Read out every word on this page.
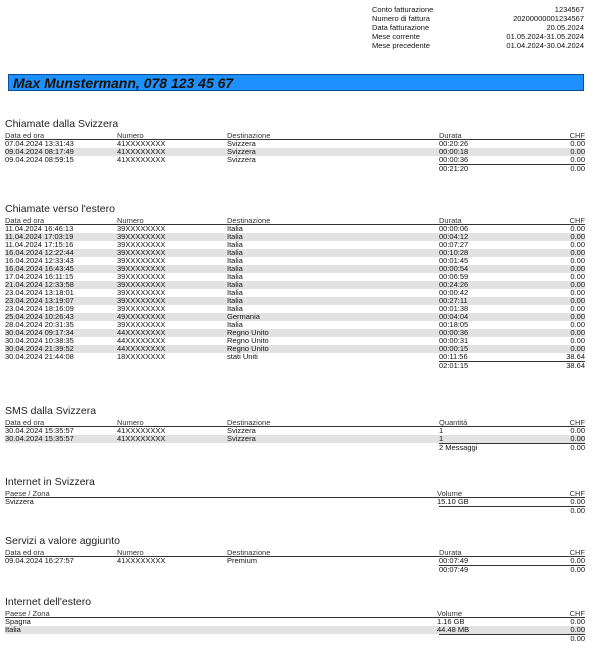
Conto fatturazione	1234567
Numero di fattura	20200000001234567
Data fatturazione	20.05.2024
Mese corrente	01.05.2024-31.05.2024
Mese precedente	01.04.2024-30.04.2024
Max Munstermann, 078 123 45 67
Chiamate dalla Svizzera
Data ed ora	Numero	Destinazione	Durata	CHF
07.04.2024 13:31:43	41XXXXXXXX	Svizzera	00:20:26	0.00
09.04.2024 08:17:49	41XXXXXXXX	Svizzera	00:00:18	0.00
09.04.2024 08:59:15	41XXXXXXXX	Svizzera	00:00:36	0.00
00:21:20	0.00
Chiamate verso l'estero
Data ed ora	Numero	Destinazione	Durata	CHF
11.04.2024 16:46:13	39XXXXXXXX	Italia	00:00:06	0.00
11.04.2024 17:03:19	39XXXXXXXX	Italia	00:04:12	0.00
11.04.2024 17:15:16	39XXXXXXXX	Italia	00:07:27	0.00
16.04.2024 12:22:44	39XXXXXXXX	Italia	00:10:28	0.00
16.04.2024 12:33:43	39XXXXXXXX	Italia	00:01:45	0.00
16.04.2024 16:43:45	39XXXXXXXX	Italia	00:00:54	0.00
17.04.2024 16:11:15	39XXXXXXXX	Italia	00:06:59	0.00
21.04.2024 12:33:58	39XXXXXXXX	Italia	00:24:26	0.00
23.04.2024 13:18:01	39XXXXXXXX	Italia	00:00:42	0.00
23.04.2024 13:19:07	39XXXXXXXX	Italia	00:27:11	0.00
23.04.2024 18:16:09	39XXXXXXXX	Italia	00:01:38	0.00
25.04.2024 10:26:43	49XXXXXXXX	Germania	00:04:04	0.00
28.04.2024 20:31:35	39XXXXXXXX	Italia	00:18:05	0.00
30.04.2024 09:17:34	44XXXXXXXX	Regno Unito	00:00:36	0.00
30.04.2024 10:38:35	44XXXXXXXX	Regno Unito	00:00:31	0.00
30.04.2024 21:39:52	44XXXXXXXX	Regno Unito	00:00:15	0.00
30.04.2024 21:44:08	18XXXXXXXX	stati Uniti	00:11:56	38.64
02:01:15	38.64
SMS dalla Svizzera
Data ed ora	Numero	Destinazione	Quantità	CHF
30.04.2024 15:35:57	41XXXXXXXX	Svizzera	1	0.00
30.04.2024 15:35:57	41XXXXXXXX	Svizzera	1	0.00
2 Messaggi	0.00
Internet in Svizzera
Paese / Zona	Volume	CHF
Svizzera	15.10 GB	0.00
0.00
Servizi a valore aggiunto
Data ed ora	Numero	Destinazione	Durata	CHF
09.04.2024 16:27:57	41XXXXXXXX	Premium	00:07:49	0.00
00:07:49	0.00
Internet dell'estero
Paese / Zona	Volume	CHF
Spagna	1.16 GB	0.00
Italia	44.48 MB	0.00
0.00
